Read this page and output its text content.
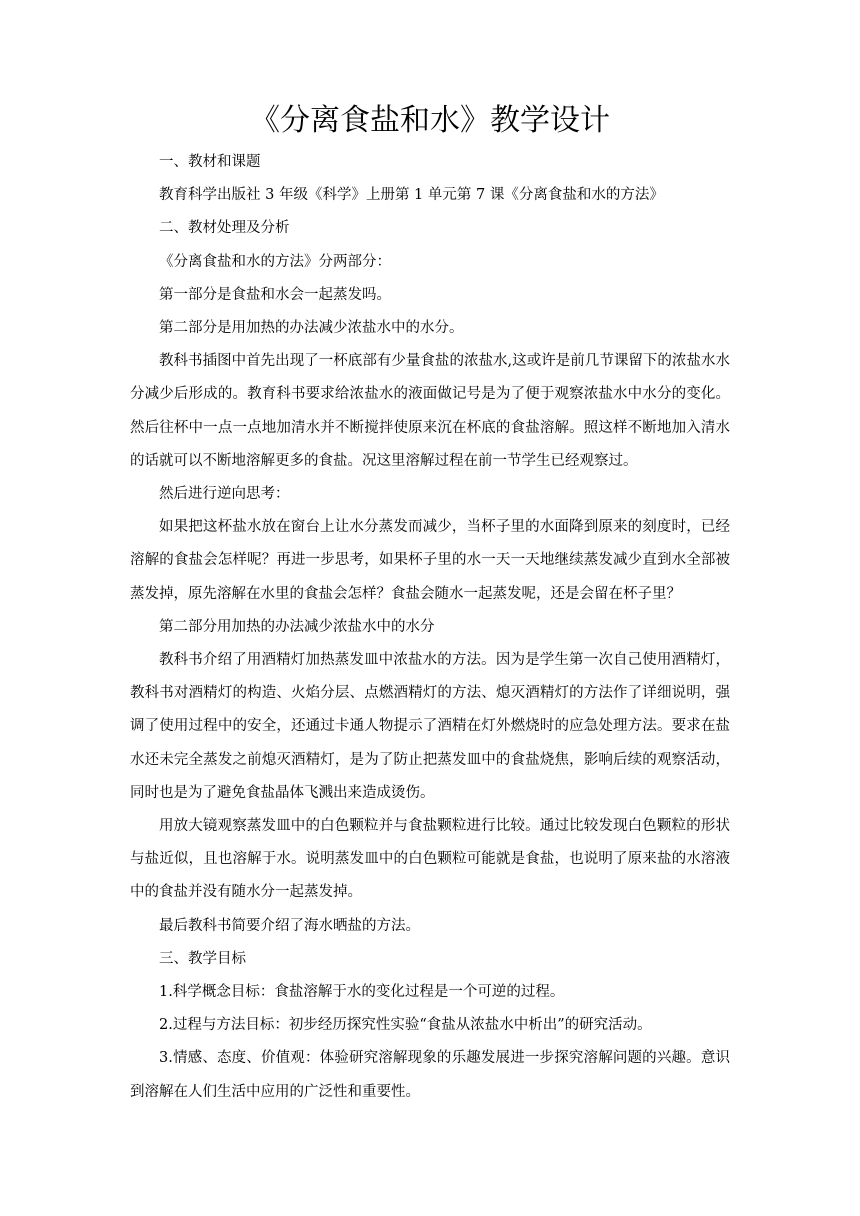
《分离食盐和水》教学设计

一、教材和课题

教育科学出版社 3 年级《科学》上册第 1 单元第 7 课《分离食盐和水的方法》

二、教材处理及分析

《分离食盐和水的方法》分两部分：

第一部分是食盐和水会一起蒸发吗。

第二部分是用加热的办法减少浓盐水中的水分。

教科书插图中首先出现了一杯底部有少量食盐的浓盐水,这或许是前几节课留下的浓盐水水分减少后形成的。教育科书要求给浓盐水的液面做记号是为了便于观察浓盐水中水分的变化。然后往杯中一点一点地加清水并不断搅拌使原来沉在杯底的食盐溶解。照这样不断地加入清水的话就可以不断地溶解更多的食盐。况这里溶解过程在前一节学生已经观察过。

然后进行逆向思考：

如果把这杯盐水放在窗台上让水分蒸发而减少，当杯子里的水面降到原来的刻度时，已经溶解的食盐会怎样呢？再进一步思考，如果杯子里的水一天一天地继续蒸发减少直到水全部被蒸发掉，原先溶解在水里的食盐会怎样？食盐会随水一起蒸发呢，还是会留在杯子里？

第二部分用加热的办法减少浓盐水中的水分

教科书介绍了用酒精灯加热蒸发皿中浓盐水的方法。因为是学生第一次自己使用酒精灯，教科书对酒精灯的构造、火焰分层、点燃酒精灯的方法、熄灭酒精灯的方法作了详细说明，强调了使用过程中的安全，还通过卡通人物提示了酒精在灯外燃烧时的应急处理方法。要求在盐水还未完全蒸发之前熄灭酒精灯，是为了防止把蒸发皿中的食盐烧焦，影响后续的观察活动，同时也是为了避免食盐晶体飞溅出来造成烫伤。

用放大镜观察蒸发皿中的白色颗粒并与食盐颗粒进行比较。通过比较发现白色颗粒的形状与盐近似，且也溶解于水。说明蒸发皿中的白色颗粒可能就是食盐，也说明了原来盐的水溶液中的食盐并没有随水分一起蒸发掉。

最后教科书简要介绍了海水晒盐的方法。

三、教学目标

1.科学概念目标：食盐溶解于水的变化过程是一个可逆的过程。

2.过程与方法目标：初步经历探究性实验“食盐从浓盐水中析出”的研究活动。

3.情感、态度、价值观：体验研究溶解现象的乐趣发展进一步探究溶解问题的兴趣。意识到溶解在人们生活中应用的广泛性和重要性。
